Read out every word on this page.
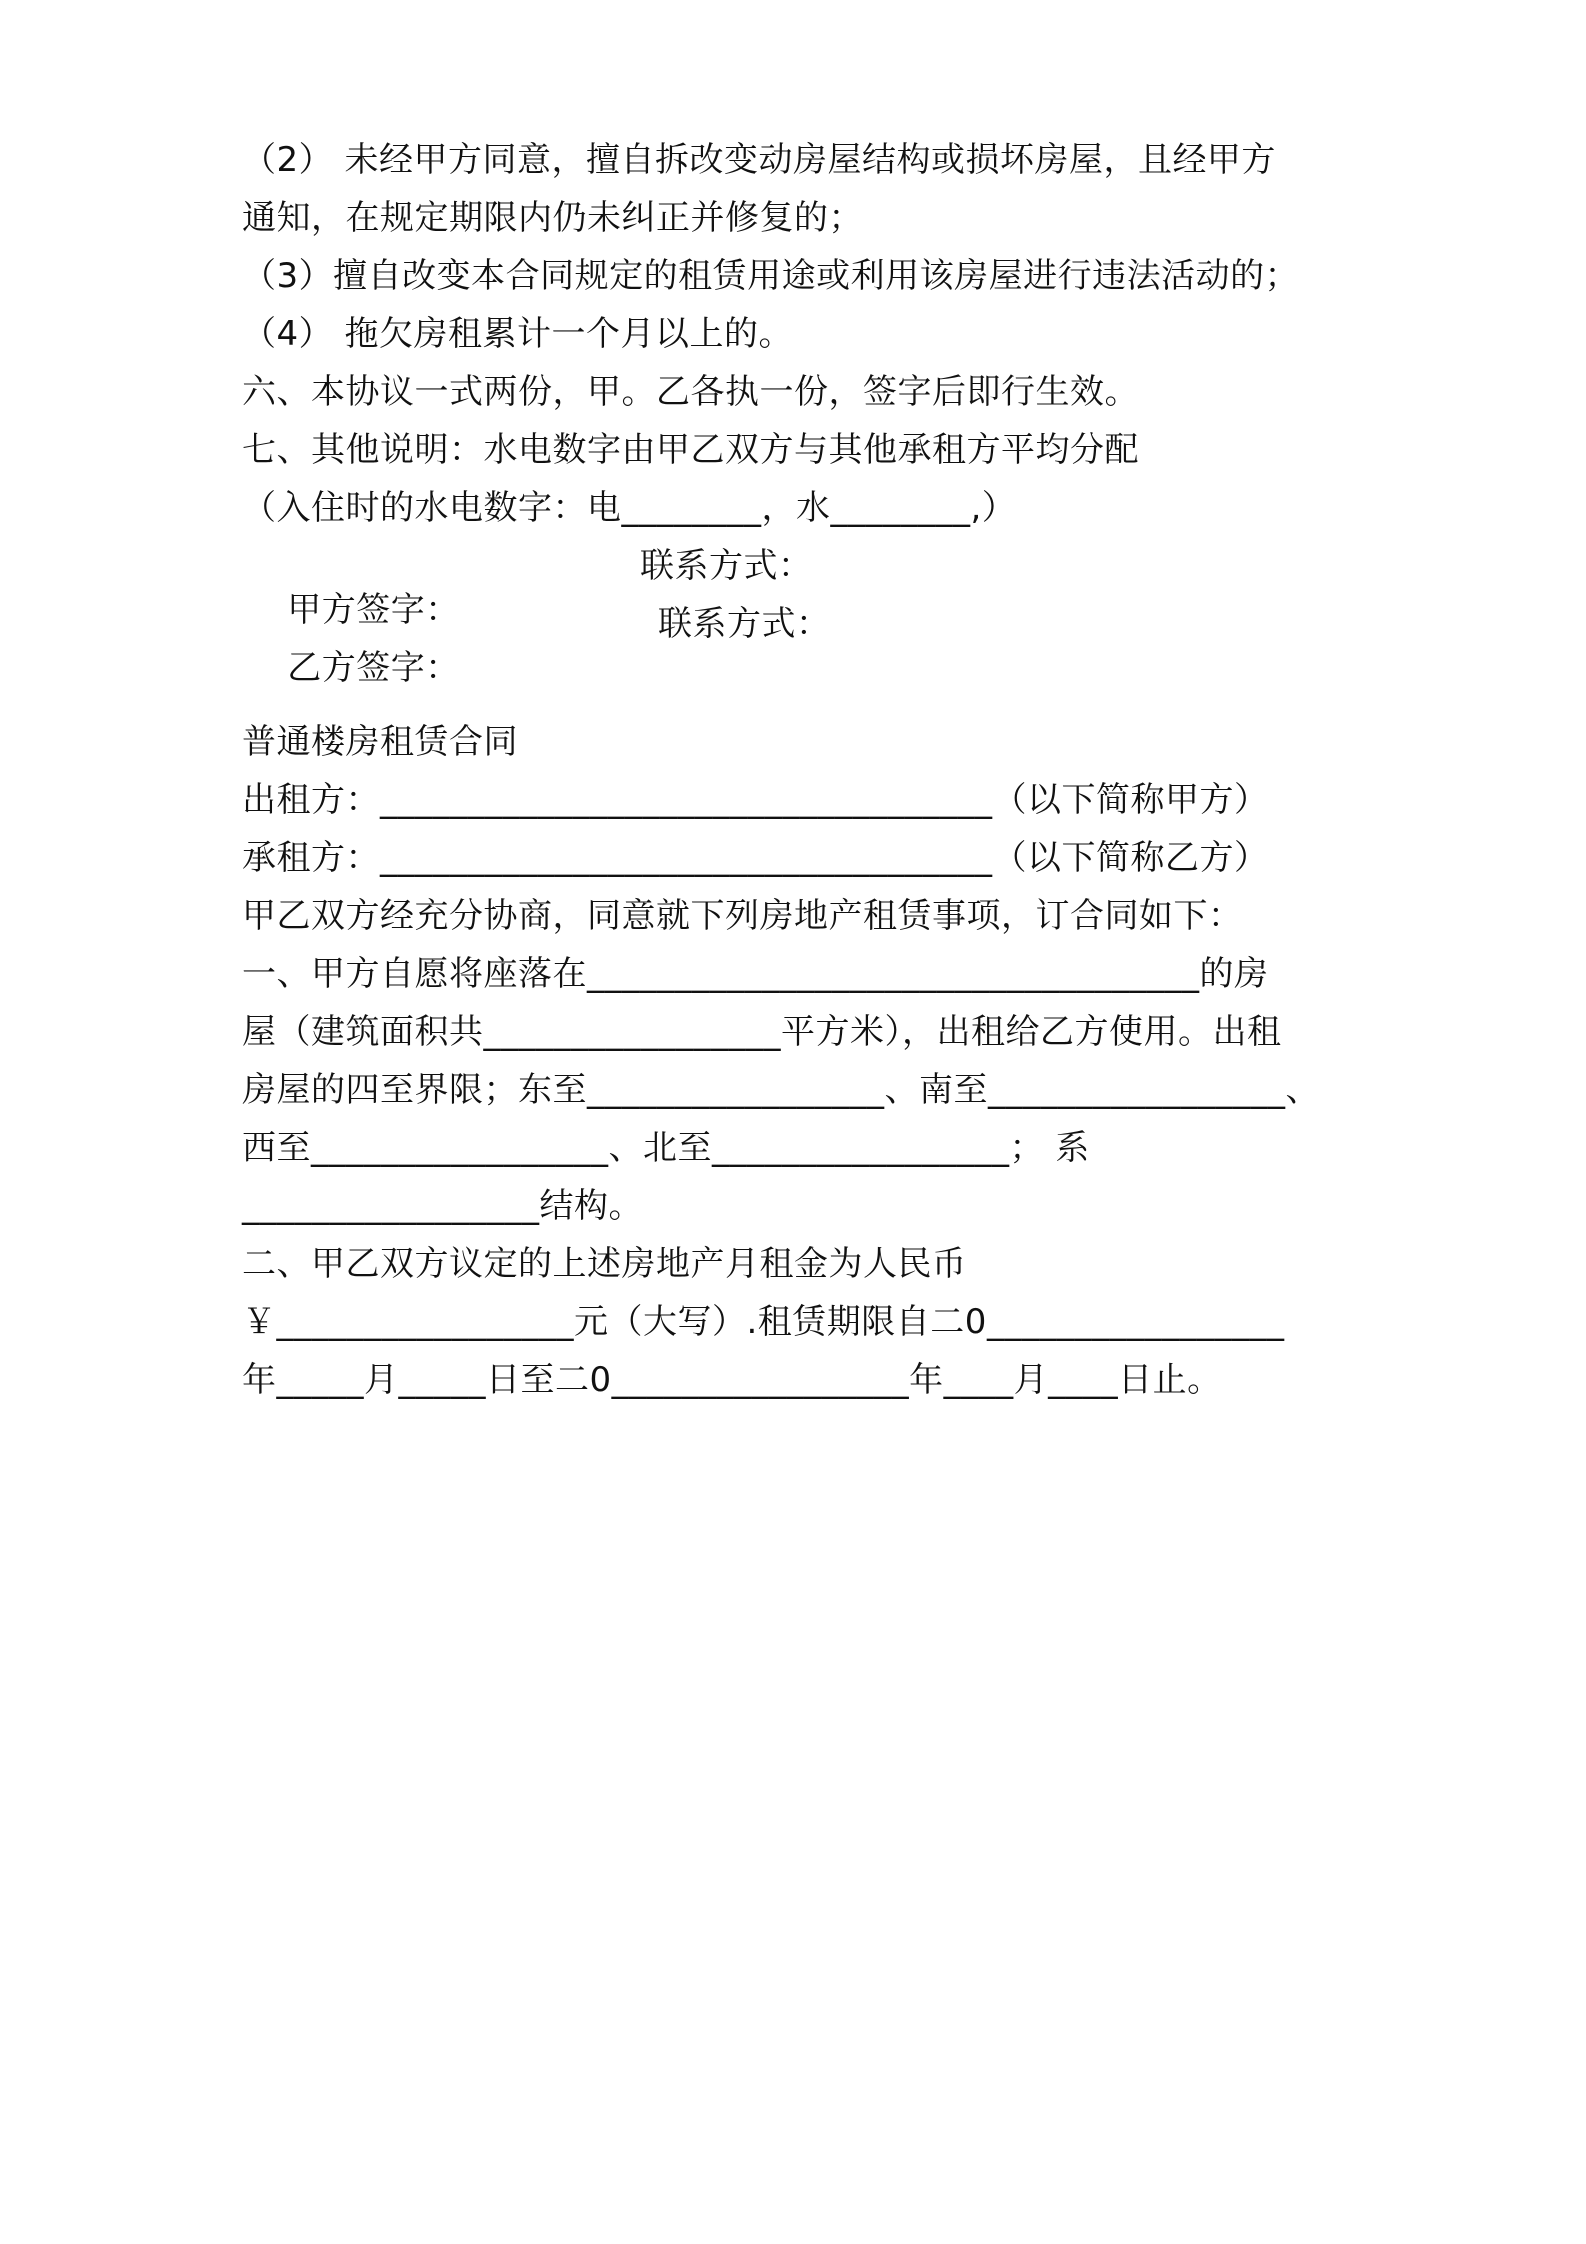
（2） 未经甲方同意，擅自拆改变动房屋结构或损坏房屋，且经甲方
通知，在规定期限内仍未纠正并修复的；
（3）擅自改变本合同规定的租赁用途或利用该房屋进行违法活动的；
（4） 拖欠房租累计一个月以上的。
六、本协议一式两份，甲。乙各执一份，签字后即行生效。
七、其他说明：水电数字由甲乙双方与其他承租方平均分配
（入住时的水电数字：电________，水________,）

甲方签字：

联系方式：

乙方签字：

联系方式：

普通楼房租赁合同
出租方：___________________________________（以下简称甲方）
承租方：___________________________________（以下简称乙方）
甲乙双方经充分协商，同意就下列房地产租赁事项，订合同如下：
一、甲方自愿将座落在___________________________________的房
屋（建筑面积共_________________平方米），出租给乙方使用。出租
房屋的四至界限；东至_________________、南至_________________、
西至_________________、北至_________________； 系
_________________结构。
二、甲乙双方议定的上述房地产月租金为人民币
￥_________________元（大写）.租赁期限自二0_________________
年_____月_____日至二0_________________年____月____日止。
